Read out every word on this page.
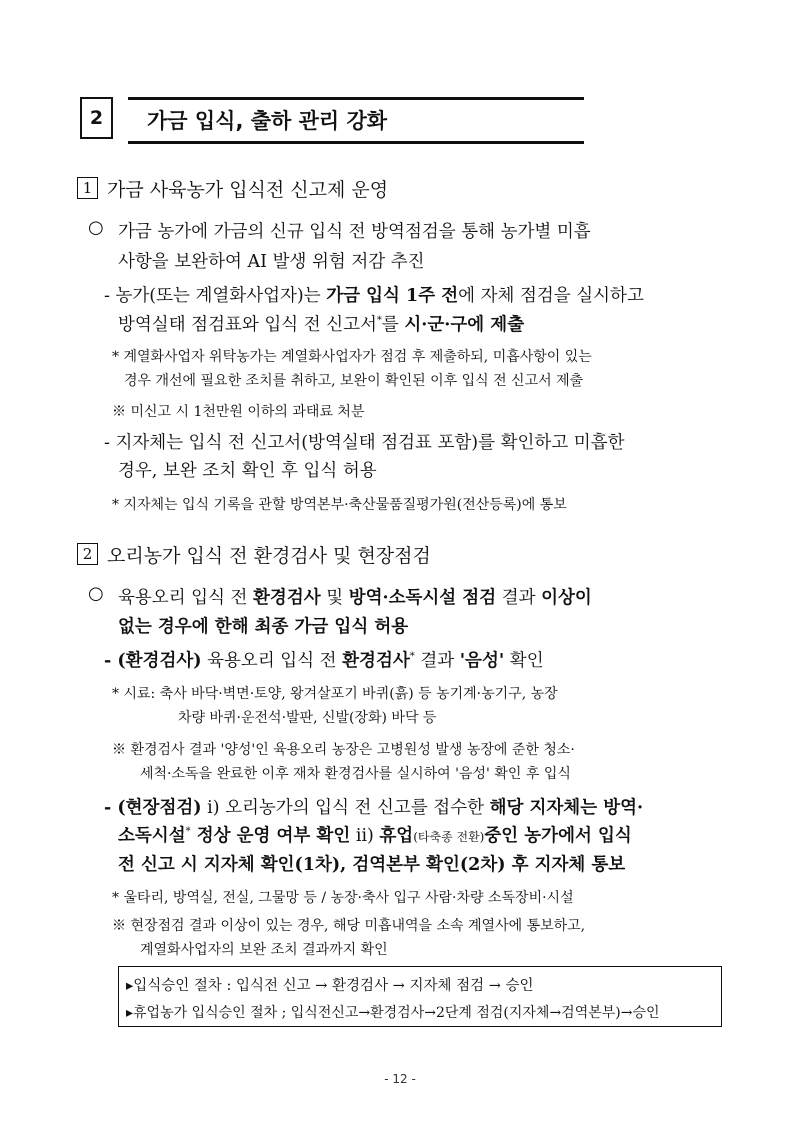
2	가금 입식, 출하 관리 강화
1 가금 사육농가 입식전 신고제 운영
○ 가금 농가에 가금의 신규 입식 전 방역점검을 통해 농가별 미흡
사항을 보완하여 AI 발생 위험 저감 추진
- 농가(또는 계열화사업자)는 가금 입식 1주 전에 자체 점검을 실시하고
방역실태 점검표와 입식 전 신고서*를 시·군·구에 제출
* 계열화사업자 위탁농가는 계열화사업자가 점검 후 제출하되, 미흡사항이 있는
경우 개선에 필요한 조치를 취하고, 보완이 확인된 이후 입식 전 신고서 제출
※ 미신고 시 1천만원 이하의 과태료 처분
- 지자체는 입식 전 신고서(방역실태 점검표 포함)를 확인하고 미흡한
경우, 보완 조치 확인 후 입식 허용
* 지자체는 입식 기록을 관할 방역본부·축산물품질평가원(전산등록)에 통보
2 오리농가 입식 전 환경검사 및 현장점검
○ 육용오리 입식 전 환경검사 및 방역·소독시설 점검 결과 이상이
없는 경우에 한해 최종 가금 입식 허용
- (환경검사) 육용오리 입식 전 환경검사* 결과 '음성' 확인
* 시료: 축사 바닥·벽면·토양, 왕겨살포기 바퀴(흙) 등 농기계·농기구, 농장
차량 바퀴·운전석·발판, 신발(장화) 바닥 등
※ 환경검사 결과 '양성'인 육용오리 농장은 고병원성 발생 농장에 준한 청소·
세척·소독을 완료한 이후 재차 환경검사를 실시하여 '음성' 확인 후 입식
- (현장점검) ⅰ) 오리농가의 입식 전 신고를 접수한 해당 지자체는 방역·
소독시설* 정상 운영 여부 확인 ⅱ) 휴업(타축종 전환)중인 농가에서 입식
전 신고 시 지자체 확인(1차), 검역본부 확인(2차) 후 지자체 통보
* 울타리, 방역실, 전실, 그물망 등 / 농장·축사 입구 사람·차량 소독장비·시설
※ 현장점검 결과 이상이 있는 경우, 해당 미흡내역을 소속 계열사에 통보하고,
계열화사업자의 보완 조치 결과까지 확인
▸입식승인 절차 : 입식전 신고 → 환경검사 → 지자체 점검 → 승인
▸휴업농가 입식승인 절차 ; 입식전신고→환경검사→2단계 점검(지자체→검역본부)→승인
- 12 -
